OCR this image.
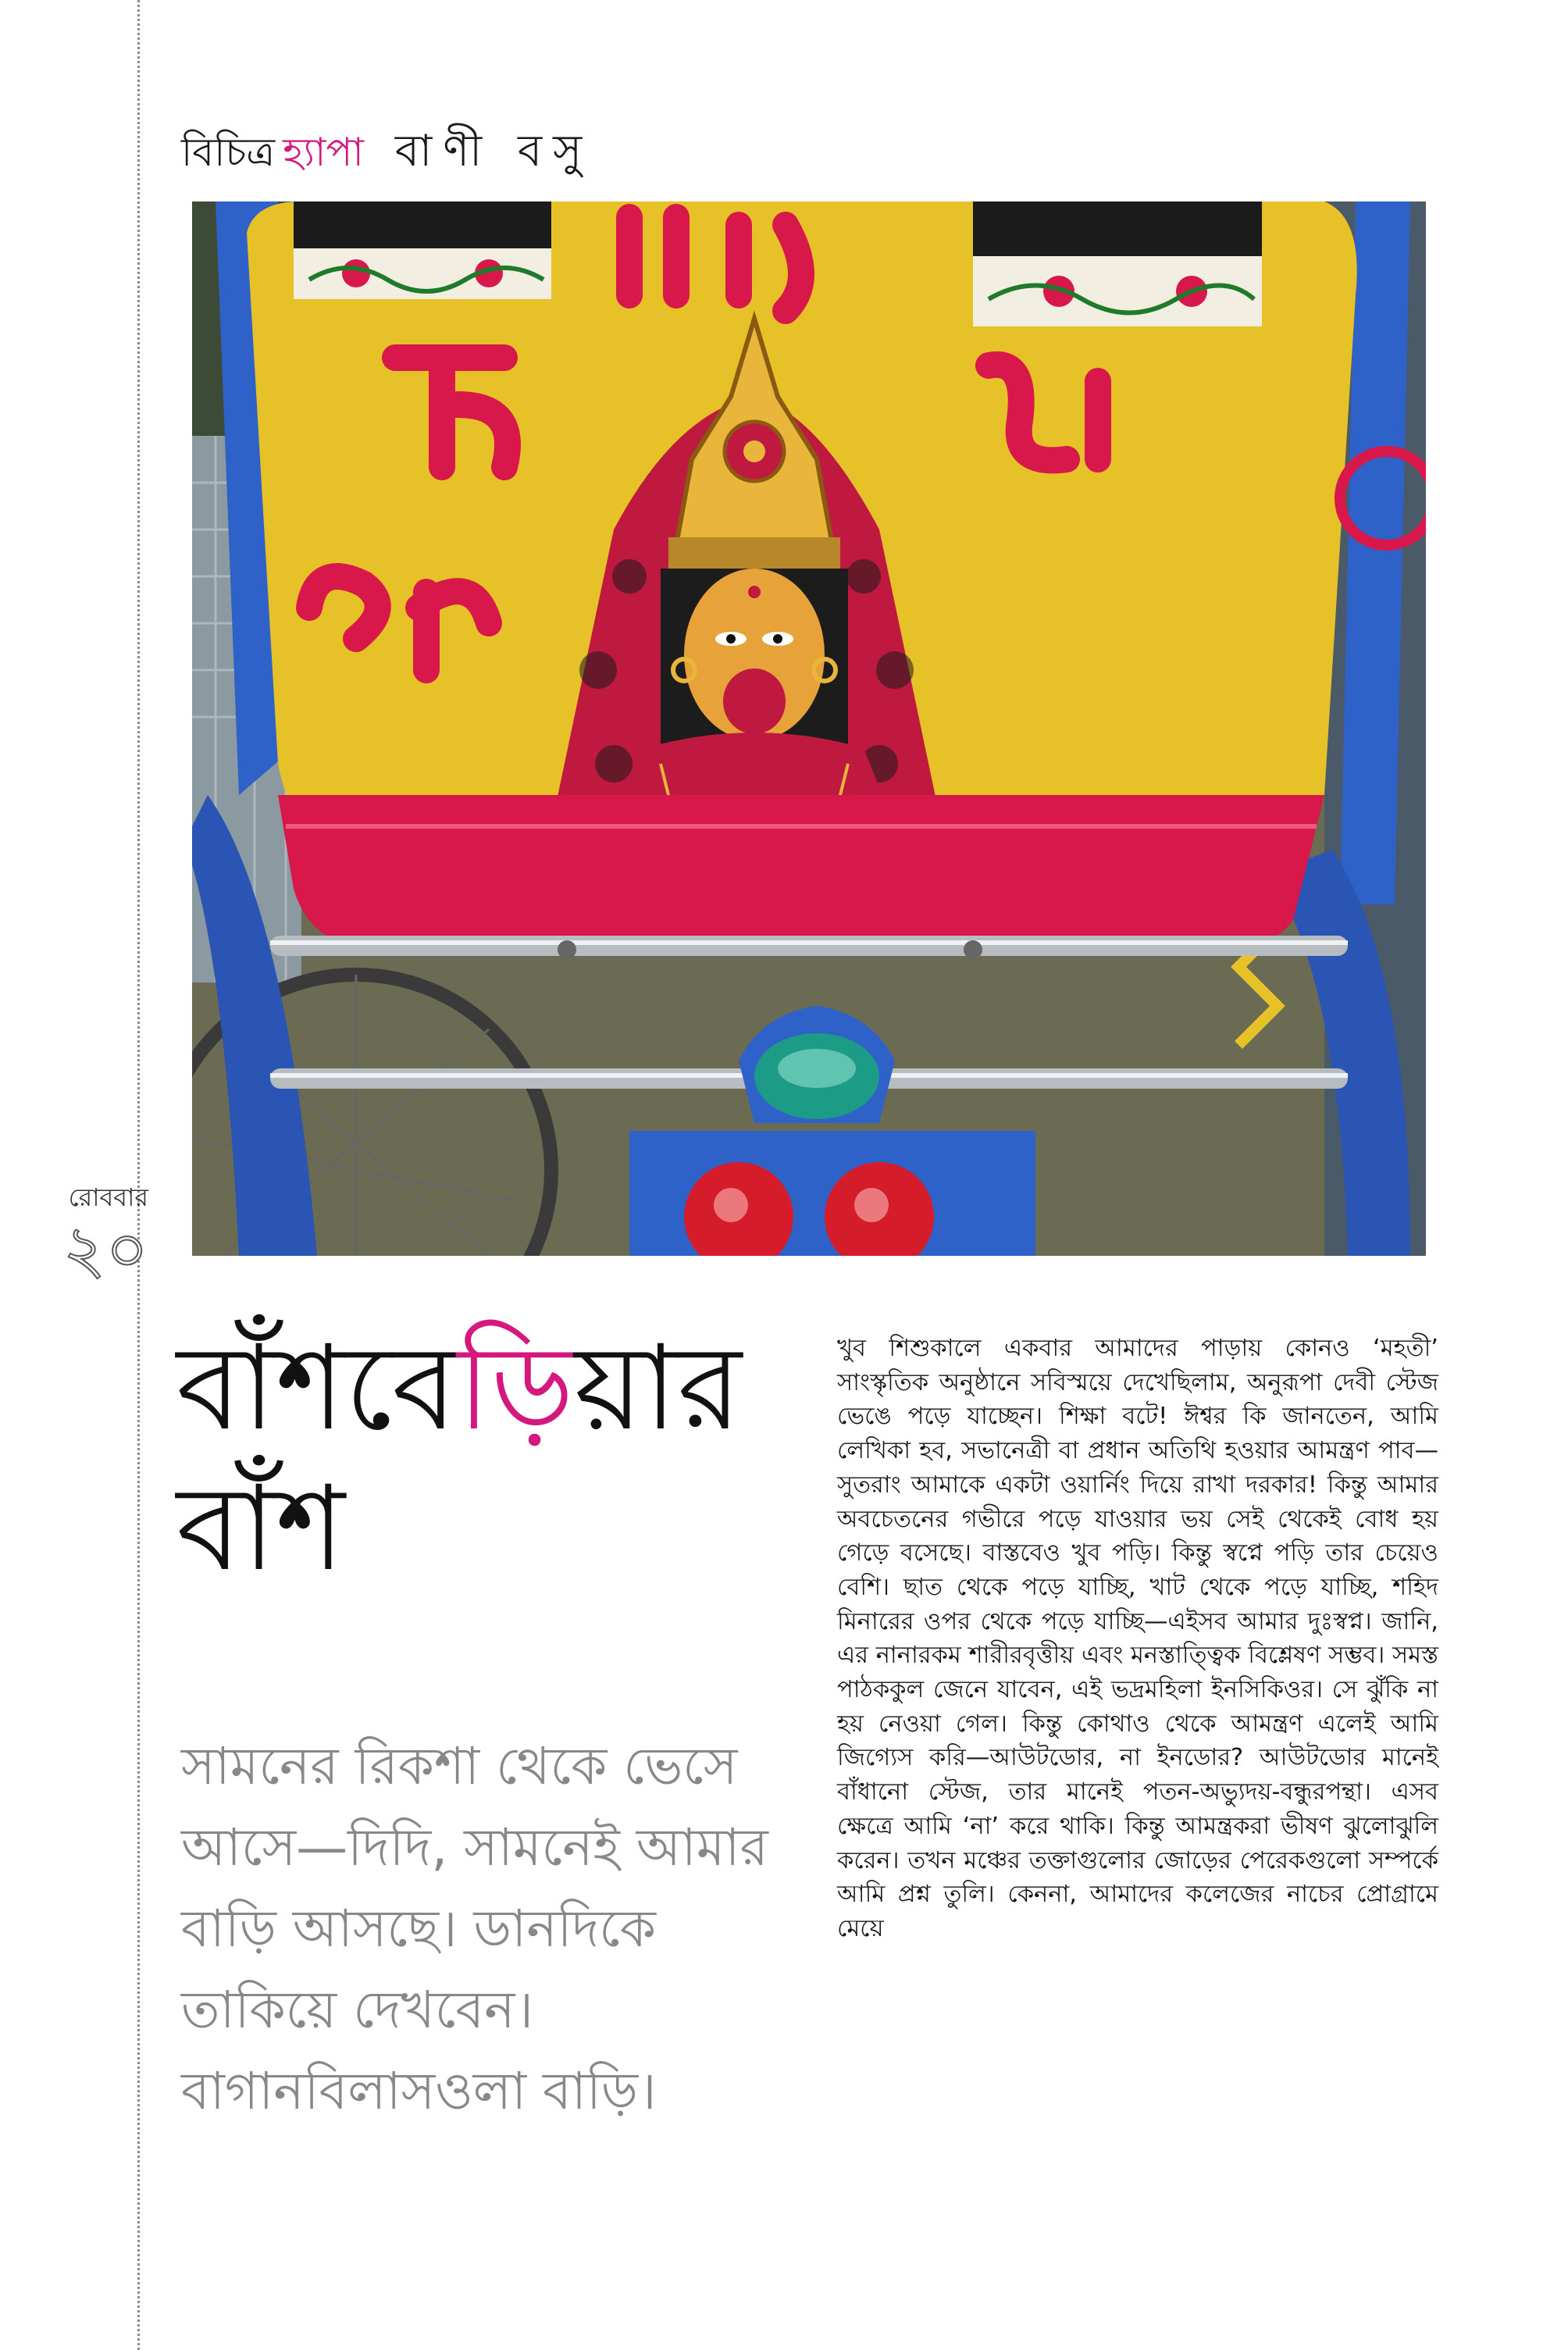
বিচিত্র হ্যাপা বাণী বসু
রোববার
২০
বাঁশবেড়িয়ার
বাঁশ
সামনের রিকশা থেকে ভেসে আসে—দিদি, সামনেই আমার বাড়ি আসছে। ডানদিকে তাকিয়ে দেখবেন। বাগানবিলাসওলা বাড়ি।
খুব শিশুকালে একবার আমাদের পাড়ায় কোনও ‘মহতী’ সাংস্কৃতিক অনুষ্ঠানে সবিস্ময়ে দেখেছিলাম, অনুরূপা দেবী স্টেজ ভেঙে পড়ে যাচ্ছেন। শিক্ষা বটে! ঈশ্বর কি জানতেন, আমি লেখিকা হব, সভানেত্রী বা প্রধান অতিথি হওয়ার আমন্ত্রণ পাব—সুতরাং আমাকে একটা ওয়ার্নিং দিয়ে রাখা দরকার! কিন্তু আমার অবচেতনের গভীরে পড়ে যাওয়ার ভয় সেই থেকেই বোধ হয় গেড়ে বসেছে। বাস্তবেও খুব পড়ি। কিন্তু স্বপ্নে পড়ি তার চেয়েও বেশি। ছাত থেকে পড়ে যাচ্ছি, খাট থেকে পড়ে যাচ্ছি, শহিদ মিনারের ওপর থেকে পড়ে যাচ্ছি—এইসব আমার দুঃস্বপ্ন। জানি, এর নানারকম শারীরবৃত্তীয় এবং মনস্তাত্ত্বিক বিশ্লেষণ সম্ভব। সমস্ত পাঠককুল জেনে যাবেন, এই ভদ্রমহিলা ইনসিকিওর। সে ঝুঁকি না হয় নেওয়া গেল। কিন্তু কোথাও থেকে আমন্ত্রণ এলেই আমি জিগ্যেস করি—আউটডোর, না ইনডোর? আউটডোর মানেই বাঁধানো স্টেজ, তার মানেই পতন-অভ্যুদয়-বন্ধুরপন্থা। এসব ক্ষেত্রে আমি ‘না’ করে থাকি। কিন্তু আমন্ত্রকরা ভীষণ ঝুলোঝুলি করেন। তখন মঞ্চের তক্তাগুলোর জোড়ের পেরেকগুলো সম্পর্কে আমি প্রশ্ন তুলি। কেননা, আমাদের কলেজের নাচের প্রোগ্রামে মেয়ে
